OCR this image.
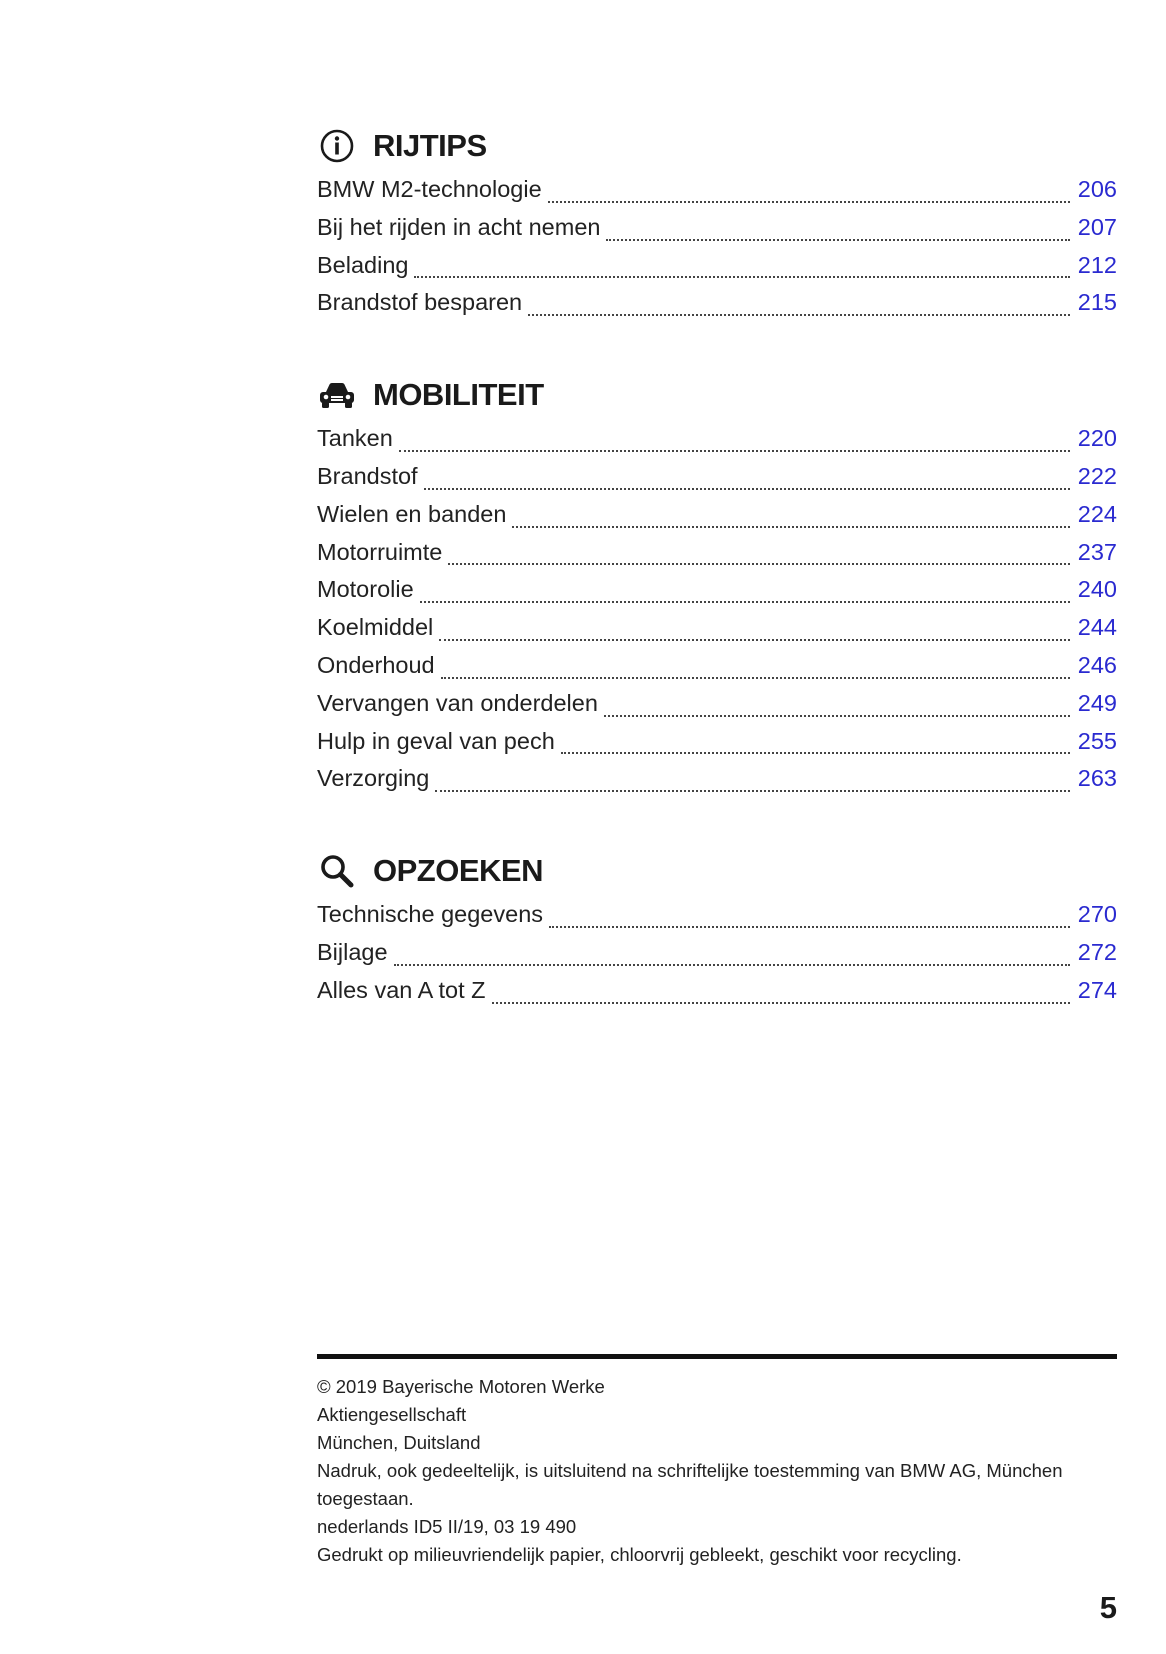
RIJTIPS
BMW M2-technologie	206
Bij het rijden in acht nemen	207
Belading	212
Brandstof besparen	215
MOBILITEIT
Tanken	220
Brandstof	222
Wielen en banden	224
Motorruimte	237
Motorolie	240
Koelmiddel	244
Onderhoud	246
Vervangen van onderdelen	249
Hulp in geval van pech	255
Verzorging	263
OPZOEKEN
Technische gegevens	270
Bijlage	272
Alles van A tot Z	274

© 2019 Bayerische Motoren Werke

Aktiengesellschaft

München, Duitsland

Nadruk, ook gedeeltelijk, is uitsluitend na schriftelijke toestemming van BMW AG, München toegestaan.

nederlands ID5 II/19, 03 19 490

Gedrukt op milieuvriendelijk papier, chloorvrij gebleekt, geschikt voor recycling.

5
